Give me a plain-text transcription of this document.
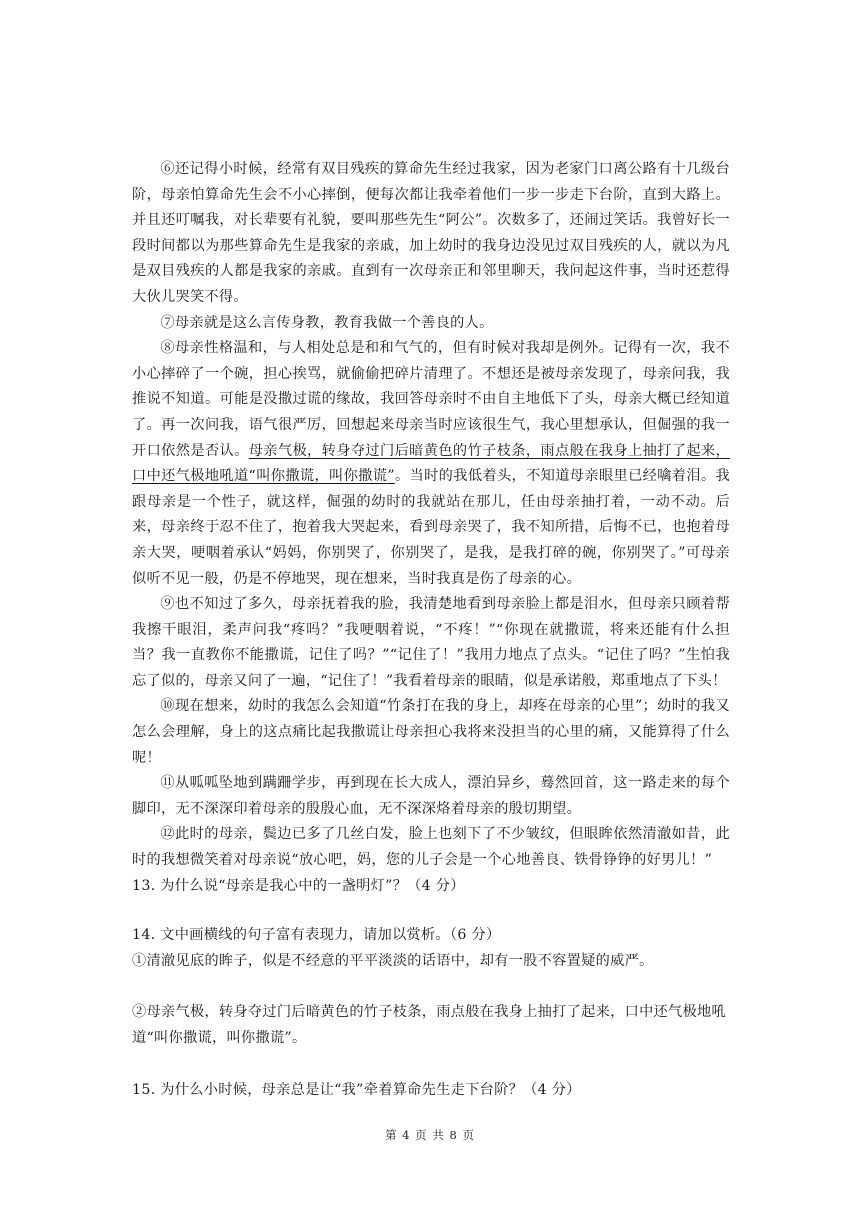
⑥还记得小时候，经常有双目残疾的算命先生经过我家，因为老家门口离公路有十几级台阶，母亲怕算命先生会不小心摔倒，便每次都让我牵着他们一步一步走下台阶，直到大路上。并且还叮嘱我，对长辈要有礼貌，要叫那些先生“阿公”。次数多了，还闹过笑话。我曾好长一段时间都以为那些算命先生是我家的亲戚，加上幼时的我身边没见过双目残疾的人，就以为凡是双目残疾的人都是我家的亲戚。直到有一次母亲正和邻里聊天，我问起这件事，当时还惹得大伙儿哭笑不得。

⑦母亲就是这么言传身教，教育我做一个善良的人。

⑧母亲性格温和，与人相处总是和和气气的，但有时候对我却是例外。记得有一次，我不小心摔碎了一个碗，担心挨骂，就偷偷把碎片清理了。不想还是被母亲发现了，母亲问我，我推说不知道。可能是没撒过谎的缘故，我回答母亲时不由自主地低下了头，母亲大概已经知道了。再一次问我，语气很严厉，回想起来母亲当时应该很生气，我心里想承认，但倔强的我一开口依然是否认。母亲气极，转身夺过门后暗黄色的竹子枝条，雨点般在我身上抽打了起来，口中还气极地吼道“叫你撒谎，叫你撒谎”。当时的我低着头，不知道母亲眼里已经噙着泪。我跟母亲是一个性子，就这样，倔强的幼时的我就站在那儿，任由母亲抽打着，一动不动。后来，母亲终于忍不住了，抱着我大哭起来，看到母亲哭了，我不知所措，后悔不已，也抱着母亲大哭，哽咽着承认“妈妈，你别哭了，你别哭了，是我，是我打碎的碗，你别哭了。”可母亲似听不见一般，仍是不停地哭，现在想来，当时我真是伤了母亲的心。

⑨也不知过了多久，母亲抚着我的脸，我清楚地看到母亲脸上都是泪水，但母亲只顾着帮我擦干眼泪，柔声问我“疼吗？”我哽咽着说，“不疼！”“你现在就撒谎，将来还能有什么担当？我一直教你不能撒谎，记住了吗？”“记住了！”我用力地点了点头。“记住了吗？”生怕我忘了似的，母亲又问了一遍，“记住了！”我看着母亲的眼睛，似是承诺般，郑重地点了下头！

⑩现在想来，幼时的我怎么会知道“竹条打在我的身上，却疼在母亲的心里”；幼时的我又怎么会理解，身上的这点痛比起我撒谎让母亲担心我将来没担当的心里的痛，又能算得了什么呢！

⑪从呱呱坠地到蹒跚学步，再到现在长大成人，漂泊异乡，蓦然回首，这一路走来的每个脚印，无不深深印着母亲的殷殷心血，无不深深烙着母亲的殷切期望。

⑫此时的母亲，鬓边已多了几丝白发，脸上也刻下了不少皱纹，但眼眸依然清澈如昔，此时的我想微笑着对母亲说“放心吧，妈，您的儿子会是一个心地善良、铁骨铮铮的好男儿！”

13. 为什么说“母亲是我心中的一盏明灯”？（4 分）

14. 文中画横线的句子富有表现力，请加以赏析。（6 分）

①清澈见底的眸子，似是不经意的平平淡淡的话语中，却有一股不容置疑的威严。

②母亲气极，转身夺过门后暗黄色的竹子枝条，雨点般在我身上抽打了起来，口中还气极地吼道“叫你撒谎，叫你撒谎”。

15. 为什么小时候，母亲总是让“我”牵着算命先生走下台阶？（4 分）

第 4 页 共 8 页
